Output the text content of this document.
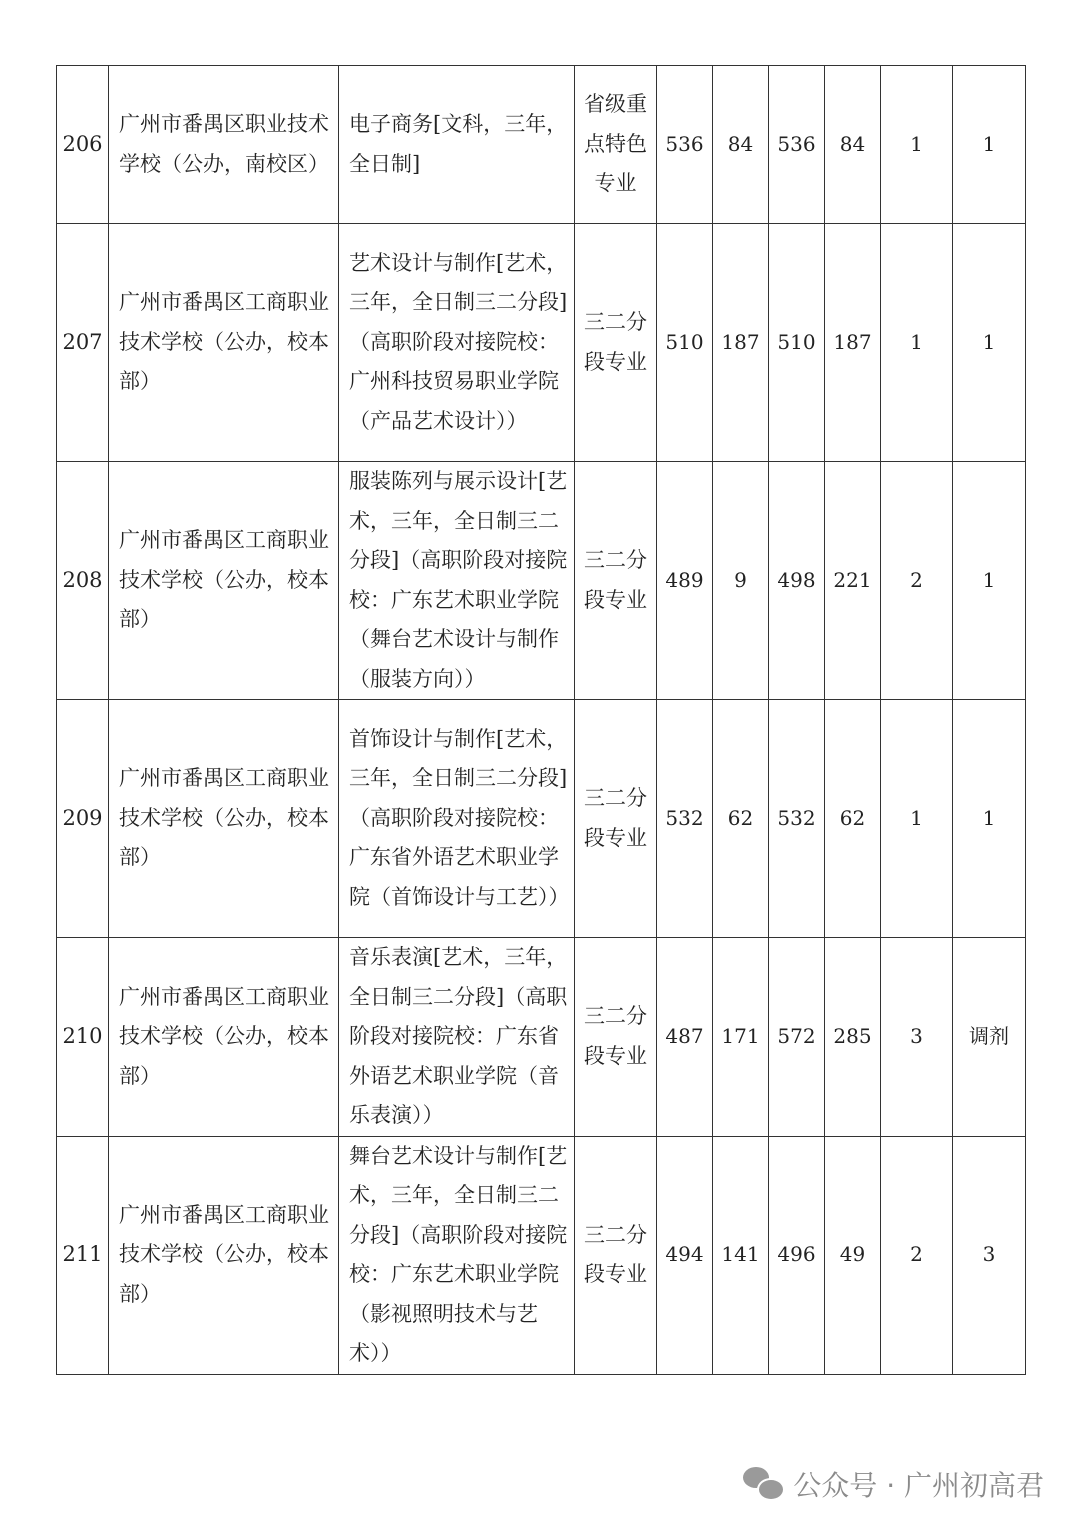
206	广州市番禺区职业技术学校（公办，南校区）	电子商务[文科，三年，全日制]	省级重点特色专业	536	84	536	84	1	1
207	广州市番禺区工商职业技术学校（公办，校本部）	艺术设计与制作[艺术，三年，全日制三二分段]（高职阶段对接院校：广州科技贸易职业学院（产品艺术设计））	三二分段专业	510	187	510	187	1	1
208	广州市番禺区工商职业技术学校（公办，校本部）	服装陈列与展示设计[艺术，三年，全日制三二分段]（高职阶段对接院校：广东艺术职业学院（舞台艺术设计与制作（服装方向））	三二分段专业	489	9	498	221	2	1
209	广州市番禺区工商职业技术学校（公办，校本部）	首饰设计与制作[艺术，三年，全日制三二分段]（高职阶段对接院校：广东省外语艺术职业学院（首饰设计与工艺））	三二分段专业	532	62	532	62	1	1
210	广州市番禺区工商职业技术学校（公办，校本部）	音乐表演[艺术，三年，全日制三二分段]（高职阶段对接院校：广东省外语艺术职业学院（音乐表演））	三二分段专业	487	171	572	285	3	调剂
211	广州市番禺区工商职业技术学校（公办，校本部）	舞台艺术设计与制作[艺术，三年，全日制三二分段]（高职阶段对接院校：广东艺术职业学院（影视照明技术与艺术））	三二分段专业	494	141	496	49	2	3
公众号 · 广州初高君
